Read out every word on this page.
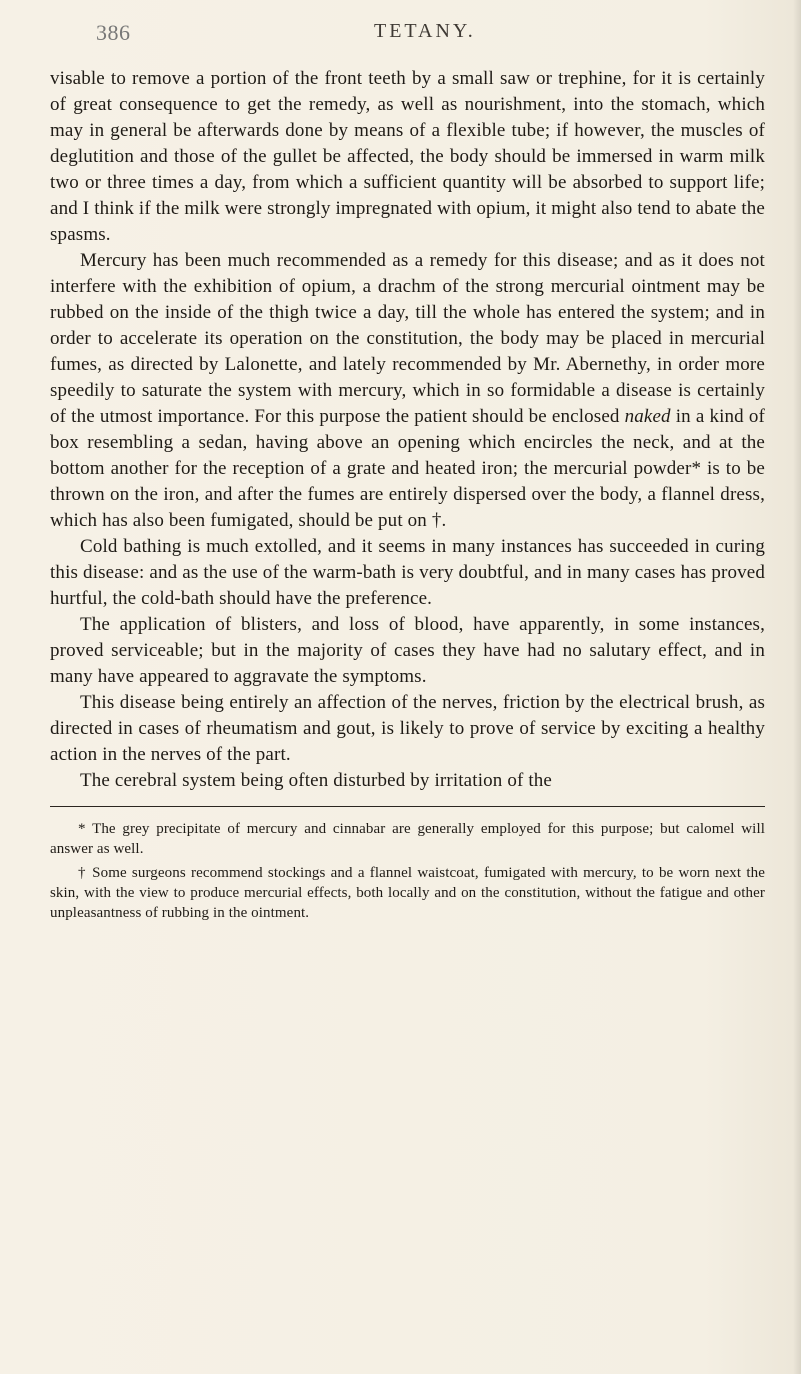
386	TETANY.

visable to remove a portion of the front teeth by a small saw or trephine, for it is certainly of great consequence to get the remedy, as well as nourishment, into the stomach, which may in general be afterwards done by means of a flexible tube; if however, the muscles of deglutition and those of the gullet be affected, the body should be immersed in warm milk two or three times a day, from which a sufficient quantity will be absorbed to support life; and I think if the milk were strongly impregnated with opium, it might also tend to abate the spasms.

Mercury has been much recommended as a remedy for this disease; and as it does not interfere with the exhibition of opium, a drachm of the strong mercurial ointment may be rubbed on the inside of the thigh twice a day, till the whole has entered the system; and in order to accelerate its operation on the constitution, the body may be placed in mercurial fumes, as directed by Lalonette, and lately recommended by Mr. Abernethy, in order more speedily to saturate the system with mercury, which in so formidable a disease is certainly of the utmost importance. For this purpose the patient should be enclosed naked in a kind of box resembling a sedan, having above an opening which encircles the neck, and at the bottom another for the reception of a grate and heated iron; the mercurial powder* is to be thrown on the iron, and after the fumes are entirely dispersed over the body, a flannel dress, which has also been fumigated, should be put on †.

Cold bathing is much extolled, and it seems in many instances has succeeded in curing this disease: and as the use of the warm-bath is very doubtful, and in many cases has proved hurtful, the cold-bath should have the preference.

The application of blisters, and loss of blood, have apparently, in some instances, proved serviceable; but in the majority of cases they have had no salutary effect, and in many have appeared to aggravate the symptoms.

This disease being entirely an affection of the nerves, friction by the electrical brush, as directed in cases of rheumatism and gout, is likely to prove of service by exciting a healthy action in the nerves of the part.

The cerebral system being often disturbed by irritation of the

* The grey precipitate of mercury and cinnabar are generally employed for this purpose; but calomel will answer as well.

† Some surgeons recommend stockings and a flannel waistcoat, fumigated with mercury, to be worn next the skin, with the view to produce mercurial effects, both locally and on the constitution, without the fatigue and other unpleasantness of rubbing in the ointment.
